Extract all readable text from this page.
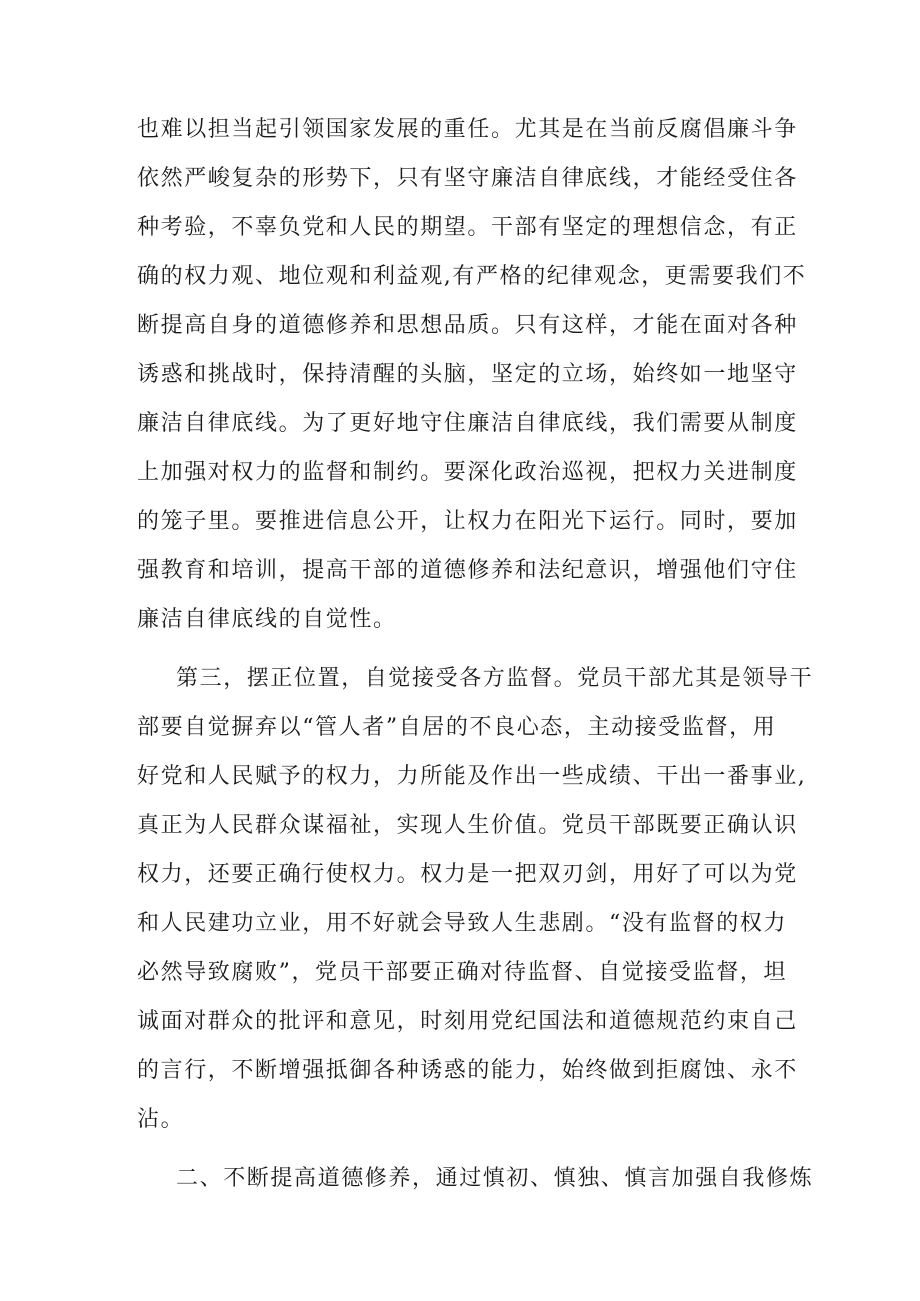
也难以担当起引领国家发展的重任。尤其是在当前反腐倡廉斗争
依然严峻复杂的形势下，只有坚守廉洁自律底线，才能经受住各
种考验，不辜负党和人民的期望。干部有坚定的理想信念，有正
确的权力观、地位观和利益观,有严格的纪律观念，更需要我们不
断提高自身的道德修养和思想品质。只有这样，才能在面对各种
诱惑和挑战时，保持清醒的头脑，坚定的立场，始终如一地坚守
廉洁自律底线。为了更好地守住廉洁自律底线，我们需要从制度
上加强对权力的监督和制约。要深化政治巡视，把权力关进制度
的笼子里。要推进信息公开，让权力在阳光下运行。同时，要加
强教育和培训，提高干部的道德修养和法纪意识，增强他们守住
廉洁自律底线的自觉性。
第三，摆正位置，自觉接受各方监督。党员干部尤其是领导干
部要自觉摒弃以“管人者”自居的不良心态，主动接受监督，用
好党和人民赋予的权力，力所能及作出一些成绩、干出一番事业,
真正为人民群众谋福祉，实现人生价值。党员干部既要正确认识
权力，还要正确行使权力。权力是一把双刃剑，用好了可以为党
和人民建功立业，用不好就会导致人生悲剧。“没有监督的权力
必然导致腐败”，党员干部要正确对待监督、自觉接受监督，坦
诚面对群众的批评和意见，时刻用党纪国法和道德规范约束自己
的言行，不断增强抵御各种诱惑的能力，始终做到拒腐蚀、永不
沾。
二、不断提高道德修养，通过慎初、慎独、慎言加强自我修炼
